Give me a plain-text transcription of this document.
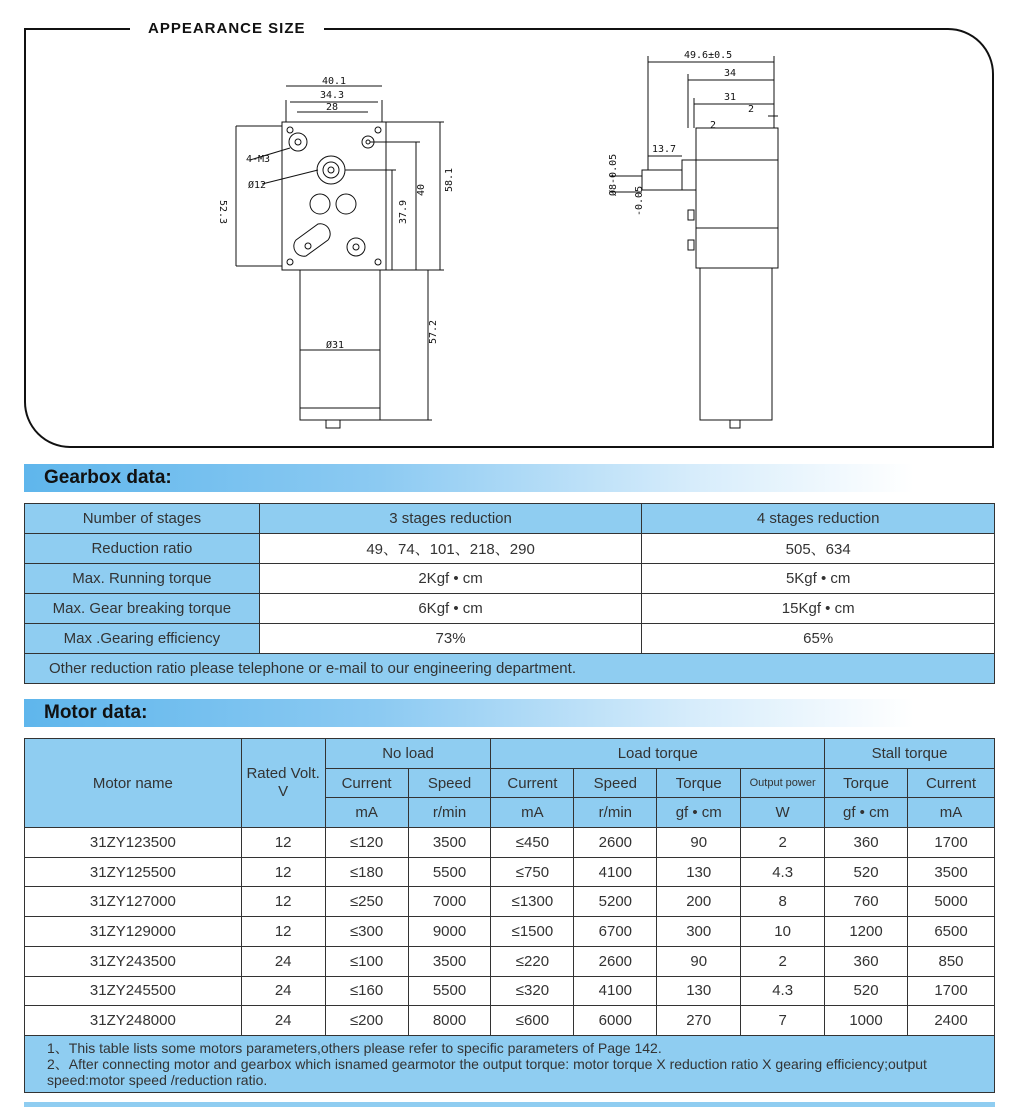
APPEARANCE SIZE
40.1
34.3
28
4-M3
Ø12
52.3	37.9
40 58.1
Ø31
57.2
49.6±0.5
34
31
2
2
13.7
Ø8-0.05
-0.05
Gearbox data:
Number of stages	3 stages reduction	4 stages reduction
Reduction ratio	49、74、101、218、290	505、634
Max. Running torque	2Kgf • cm	5Kgf • cm
Max. Gear breaking torque	6Kgf • cm	15Kgf • cm
Max .Gearing efficiency	73%	65%
Other reduction ratio please telephone or e-mail to our engineering department.		
Motor data:
Motor name	Rated Volt. V	No load		Load torque				Stall torque	
		Current	Speed	Current	Speed	Torque	Output power	Torque	Current
		mA	r/min	mA	r/min	gf • cm	W	gf • cm	mA
31ZY123500	12	≤120	3500	≤450	2600	90	2	360	1700
31ZY125500	12	≤180	5500	≤750	4100	130	4.3	520	3500
31ZY127000	12	≤250	7000	≤1300	5200	200	8	760	5000
31ZY129000	12	≤300	9000	≤1500	6700	300	10	1200	6500
31ZY243500	24	≤100	3500	≤220	2600	90	2	360	850
31ZY245500	24	≤160	5500	≤320	4100	130	4.3	520	1700
31ZY248000	24	≤200	8000	≤600	6000	270	7	1000	2400

1、This table lists some motors parameters,others please refer to specific parameters of Page 142.
2、After connecting motor and gearbox which isnamed gearmotor the output torque: motor torque X reduction ratio X gearing efficiency;output speed:motor speed /reduction ratio.									
